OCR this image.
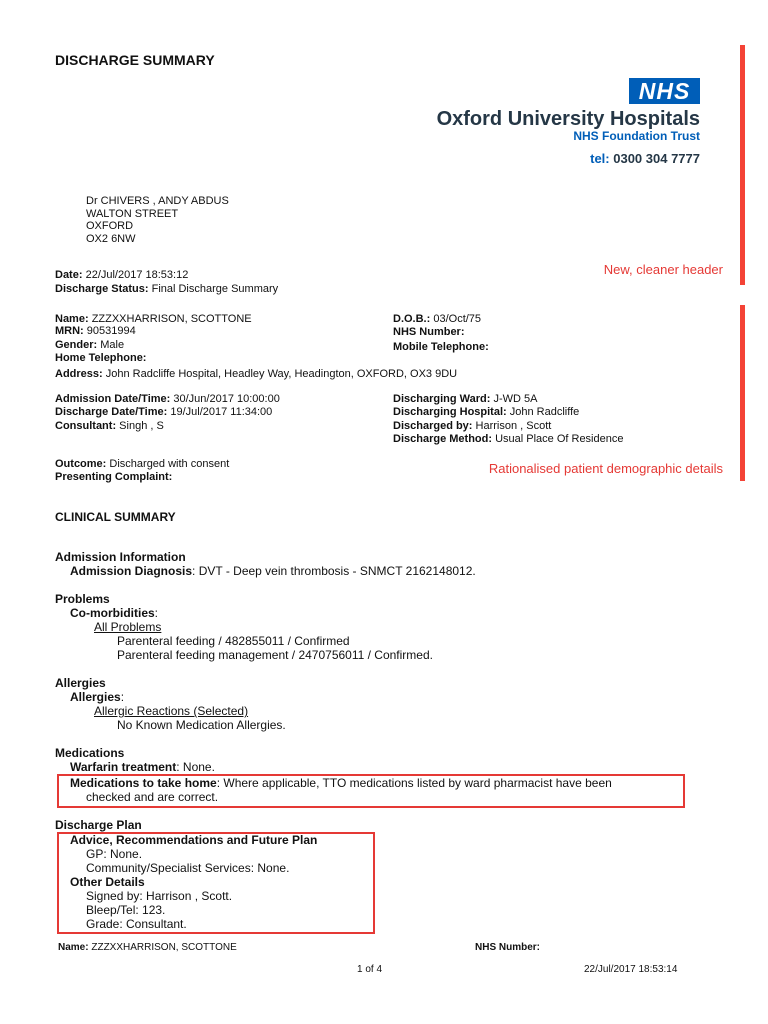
DISCHARGE SUMMARY
NHS
Oxford University Hospitals
NHS Foundation Trust
tel: 0300 304 7777
New, cleaner header
Rationalised patient demographic details
Dr CHIVERS , ANDY ABDUS
WALTON STREET
OXFORD
OX2 6NW
Date: 22/Jul/2017 18:53:12
Discharge Status: Final Discharge Summary
Name: ZZZXXHARRISON, SCOTTONE
MRN: 90531994
Gender: Male
Home Telephone:
D.O.B.: 03/Oct/75
NHS Number:
Mobile Telephone:
Address: John Radcliffe Hospital, Headley Way, Headington, OXFORD, OX3 9DU
Admission Date/Time: 30/Jun/2017 10:00:00
Discharge Date/Time: 19/Jul/2017 11:34:00
Consultant: Singh , S
Discharging Ward: J-WD 5A
Discharging Hospital: John Radcliffe
Discharged by: Harrison , Scott
Discharge Method: Usual Place Of Residence
Outcome: Discharged with consent
Presenting Complaint:
CLINICAL SUMMARY
Admission Information
Admission Diagnosis: DVT - Deep vein thrombosis - SNMCT 2162148012.
Problems
Co-morbidities:
All Problems
Parenteral feeding / 482855011 / Confirmed
Parenteral feeding management / 2470756011 / Confirmed.
Allergies
Allergies:
Allergic Reactions (Selected)
No Known Medication Allergies.
Medications
Warfarin treatment: None.
Medications to take home: Where applicable, TTO medications listed by ward pharmacist have been
checked and are correct.
Discharge Plan
Advice, Recommendations and Future Plan
GP: None.
Community/Specialist Services: None.
Other Details
Signed by: Harrison , Scott.
Bleep/Tel: 123.
Grade: Consultant.
Name: ZZZXXHARRISON, SCOTTONE	NHS Number:
1 of 4	22/Jul/2017 18:53:14
